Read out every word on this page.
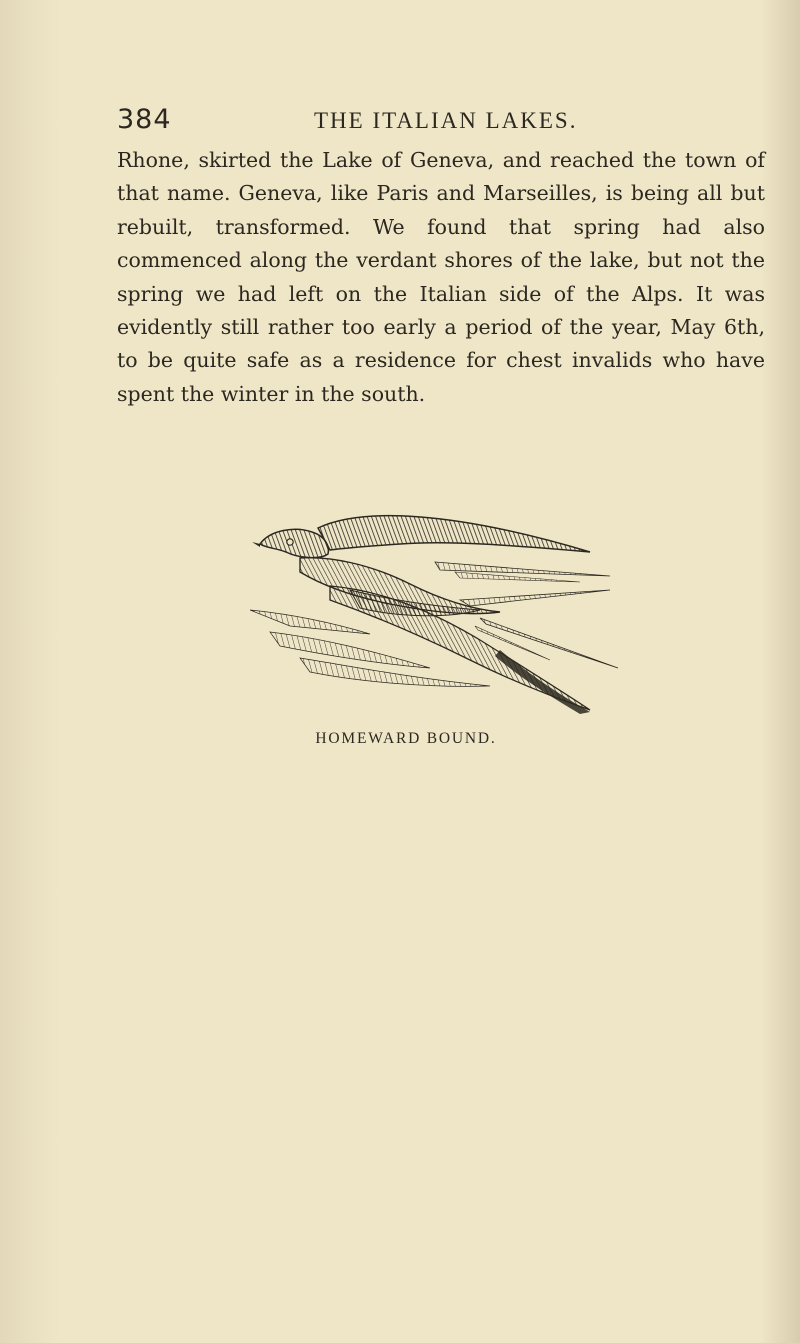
384	THE ITALIAN LAKES.

Rhone, skirted the Lake of Geneva, and reached the town of that name. Geneva, like Paris and Marseilles, is being all but rebuilt, transformed. We found that spring had also commenced along the verdant shores of the lake, but not the spring we had left on the Italian side of the Alps. It was evidently still rather too early a period of the year, May 6th, to be quite safe as a residence for chest invalids who have spent the winter in the south.

HOMEWARD BOUND.
